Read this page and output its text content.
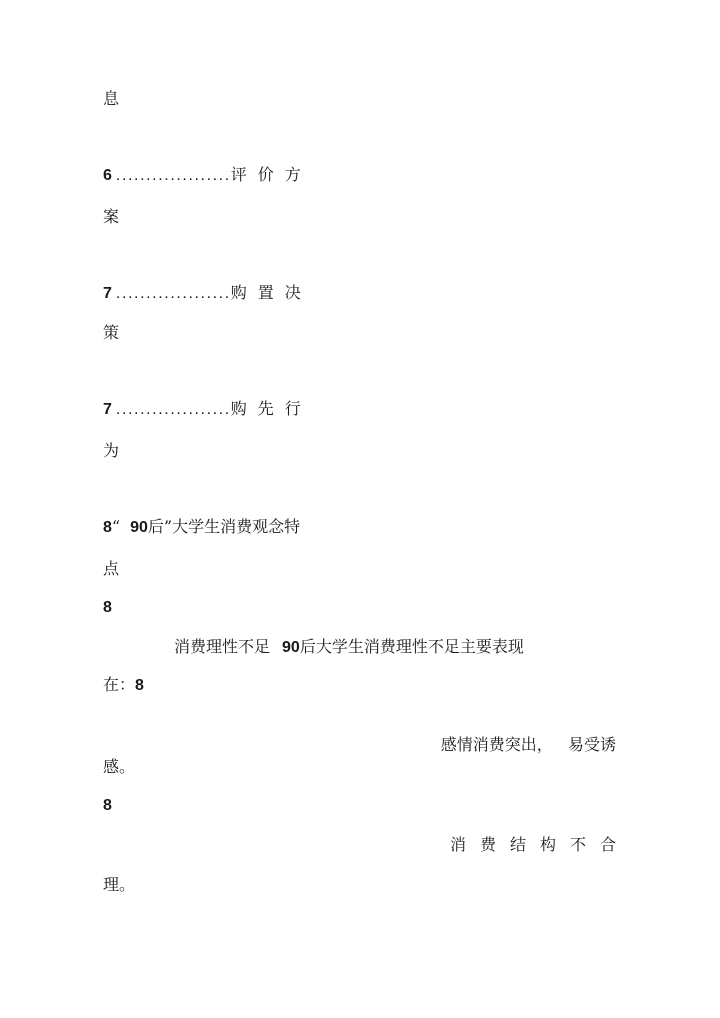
息
6 ...................评价方
案
7 ...................购置决
策
7 ...................购先行
为
8“ 90后”大学生消费观念特
点
8
消费理性不足 90后大学生消费理性不足主要表现
在：8

感情消费突出，   易受诱

感。
8
消费结构不合
理。
